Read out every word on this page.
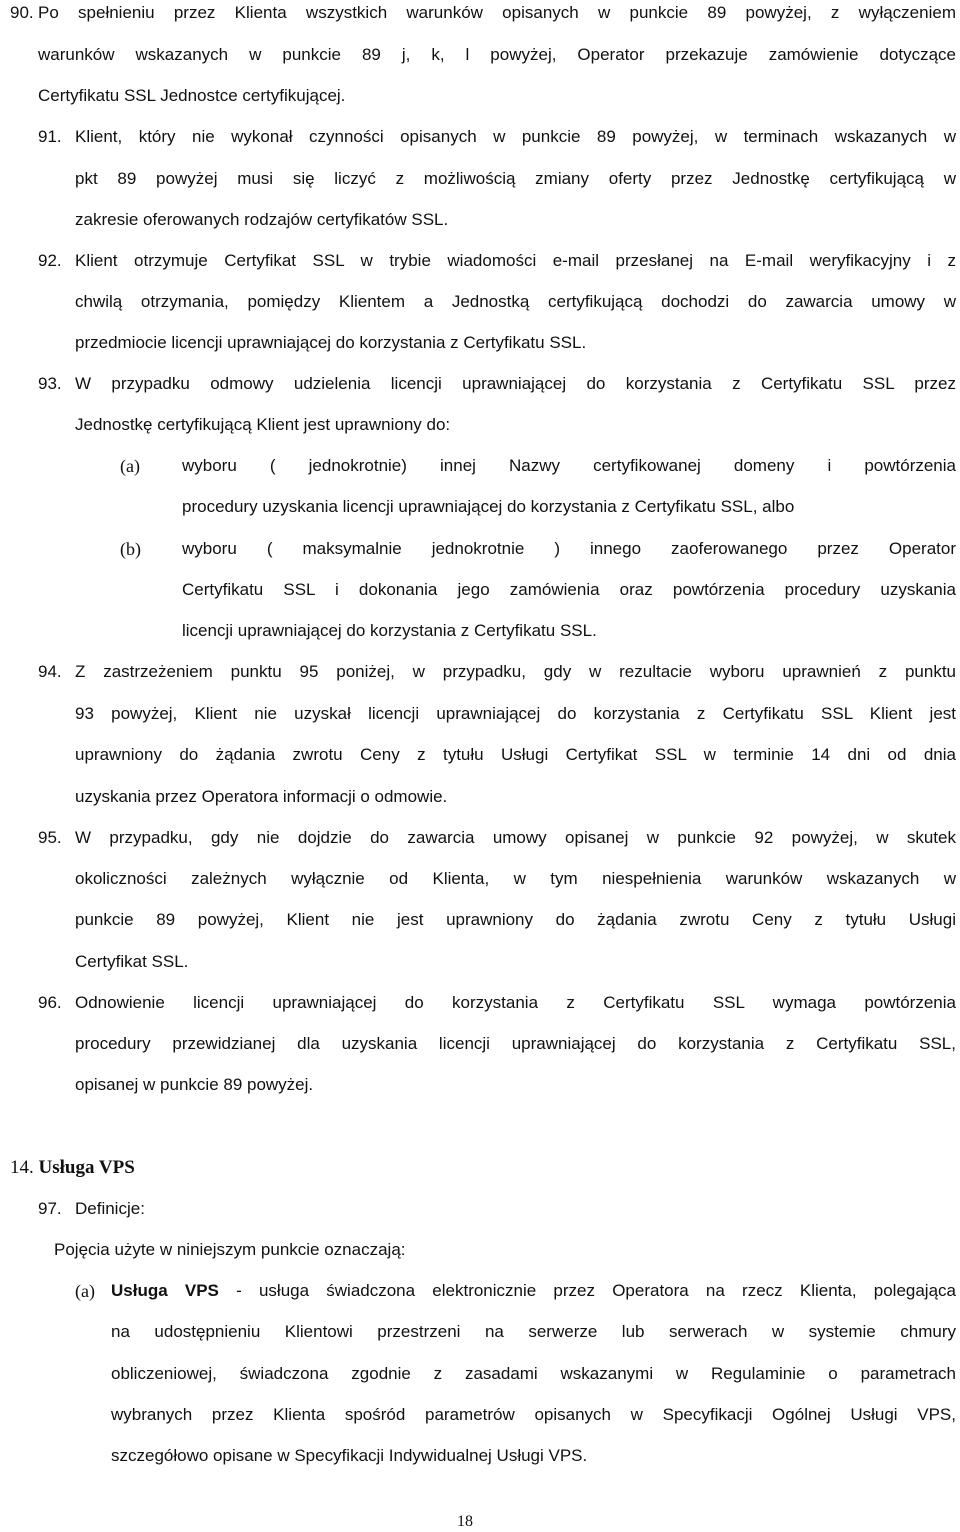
90. Po spełnieniu przez Klienta wszystkich warunków opisanych w punkcie 89 powyżej, z wyłączeniem
warunków wskazanych w punkcie 89 j, k, l powyżej, Operator przekazuje zamówienie dotyczące
Certyfikatu SSL Jednostce certyfikującej.
91. Klient, który nie wykonał czynności opisanych w punkcie 89 powyżej, w terminach wskazanych w
pkt 89 powyżej musi się liczyć z możliwością zmiany oferty przez Jednostkę certyfikującą w
zakresie oferowanych rodzajów certyfikatów SSL.
92. Klient otrzymuje Certyfikat SSL w trybie wiadomości e-mail przesłanej na E-mail weryfikacyjny i z
chwilą otrzymania, pomiędzy Klientem a Jednostką certyfikującą dochodzi do zawarcia umowy w
przedmiocie licencji uprawniającej do korzystania z Certyfikatu SSL.
93. W przypadku odmowy udzielenia licencji uprawniającej do korzystania z Certyfikatu SSL przez
Jednostkę certyfikującą Klient jest uprawniony do:
(a) wyboru ( jednokrotnie) innej Nazwy certyfikowanej domeny i powtórzenia
procedury uzyskania licencji uprawniającej do korzystania z Certyfikatu SSL, albo
(b) wyboru ( maksymalnie jednokrotnie ) innego zaoferowanego przez Operator
Certyfikatu SSL i dokonania jego zamówienia oraz powtórzenia procedury uzyskania
licencji uprawniającej do korzystania z Certyfikatu SSL.
94. Z zastrzeżeniem punktu 95 poniżej, w przypadku, gdy w rezultacie wyboru uprawnień z punktu
93 powyżej, Klient nie uzyskał licencji uprawniającej do korzystania z Certyfikatu SSL Klient jest
uprawniony do żądania zwrotu Ceny z tytułu Usługi Certyfikat SSL w terminie 14 dni od dnia
uzyskania przez Operatora informacji o odmowie.
95. W przypadku, gdy nie dojdzie do zawarcia umowy opisanej w punkcie 92 powyżej, w skutek
okoliczności zależnych wyłącznie od Klienta, w tym niespełnienia warunków wskazanych w
punkcie 89 powyżej, Klient nie jest uprawniony do żądania zwrotu Ceny z tytułu Usługi
Certyfikat SSL.
96. Odnowienie licencji uprawniającej do korzystania z Certyfikatu SSL wymaga powtórzenia
procedury przewidzianej dla uzyskania licencji uprawniającej do korzystania z Certyfikatu SSL,
opisanej w punkcie 89 powyżej.
14. Usługa VPS
97. Definicje:
Pojęcia użyte w niniejszym punkcie oznaczają:
(a) Usługa VPS - usługa świadczona elektronicznie przez Operatora na rzecz Klienta, polegająca
na udostępnieniu Klientowi przestrzeni na serwerze lub serwerach w systemie chmury
obliczeniowej, świadczona zgodnie z zasadami wskazanymi w Regulaminie o parametrach
wybranych przez Klienta spośród parametrów opisanych w Specyfikacji Ogólnej Usługi VPS,
szczegółowo opisane w Specyfikacji Indywidualnej Usługi VPS.
18
